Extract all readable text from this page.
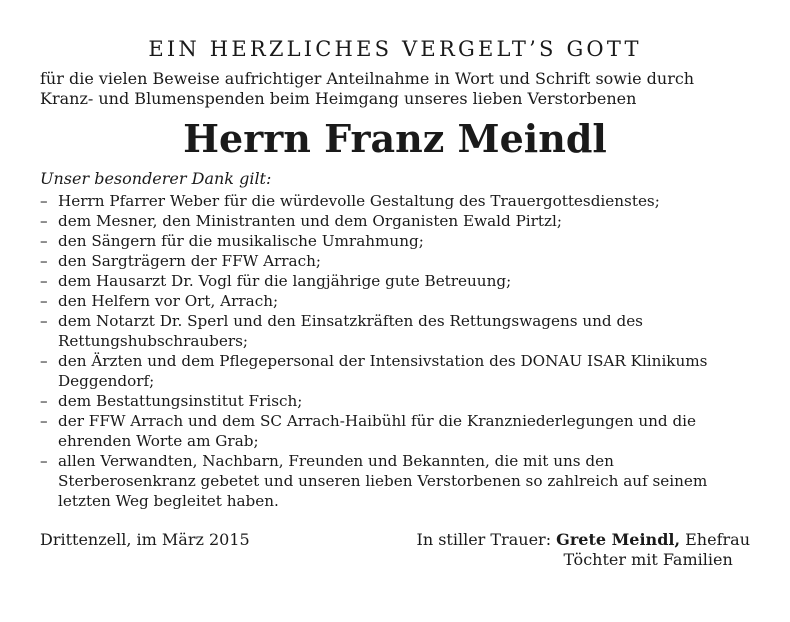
EIN HERZLICHES VERGELT’S GOTT
für die vielen Beweise aufrichtiger Anteilnahme in Wort und Schrift sowie durch Kranz- und Blumenspenden beim Heimgang unseres lieben Verstorbenen
Herrn Franz Meindl
Unser besonderer Dank gilt:
– Herrn Pfarrer Weber für die würdevolle Gestaltung des Trauergottesdienstes;
– dem Mesner, den Ministranten und dem Organisten Ewald Pirtzl;
– den Sängern für die musikalische Umrahmung;
– den Sargträgern der FFW Arrach;
– dem Hausarzt Dr. Vogl für die langjährige gute Betreuung;
– den Helfern vor Ort, Arrach;
– dem Notarzt Dr. Sperl und den Einsatzkräften des Rettungswagens und des Rettungshubschraubers;
– den Ärzten und dem Pflegepersonal der Intensivstation des DONAU ISAR Klinikums Deggendorf;
– dem Bestattungsinstitut Frisch;
– der FFW Arrach und dem SC Arrach-Haibühl für die Kranzniederlegungen und die ehrenden Worte am Grab;
– allen Verwandten, Nachbarn, Freunden und Bekannten, die mit uns den Sterberosenkranz gebetet und unseren lieben Verstorbenen so zahlreich auf seinem letzten Weg begleitet haben.
Drittenzell, im März 2015	In stiller Trauer: Grete Meindl, Ehefrau
Töchter mit Familien
